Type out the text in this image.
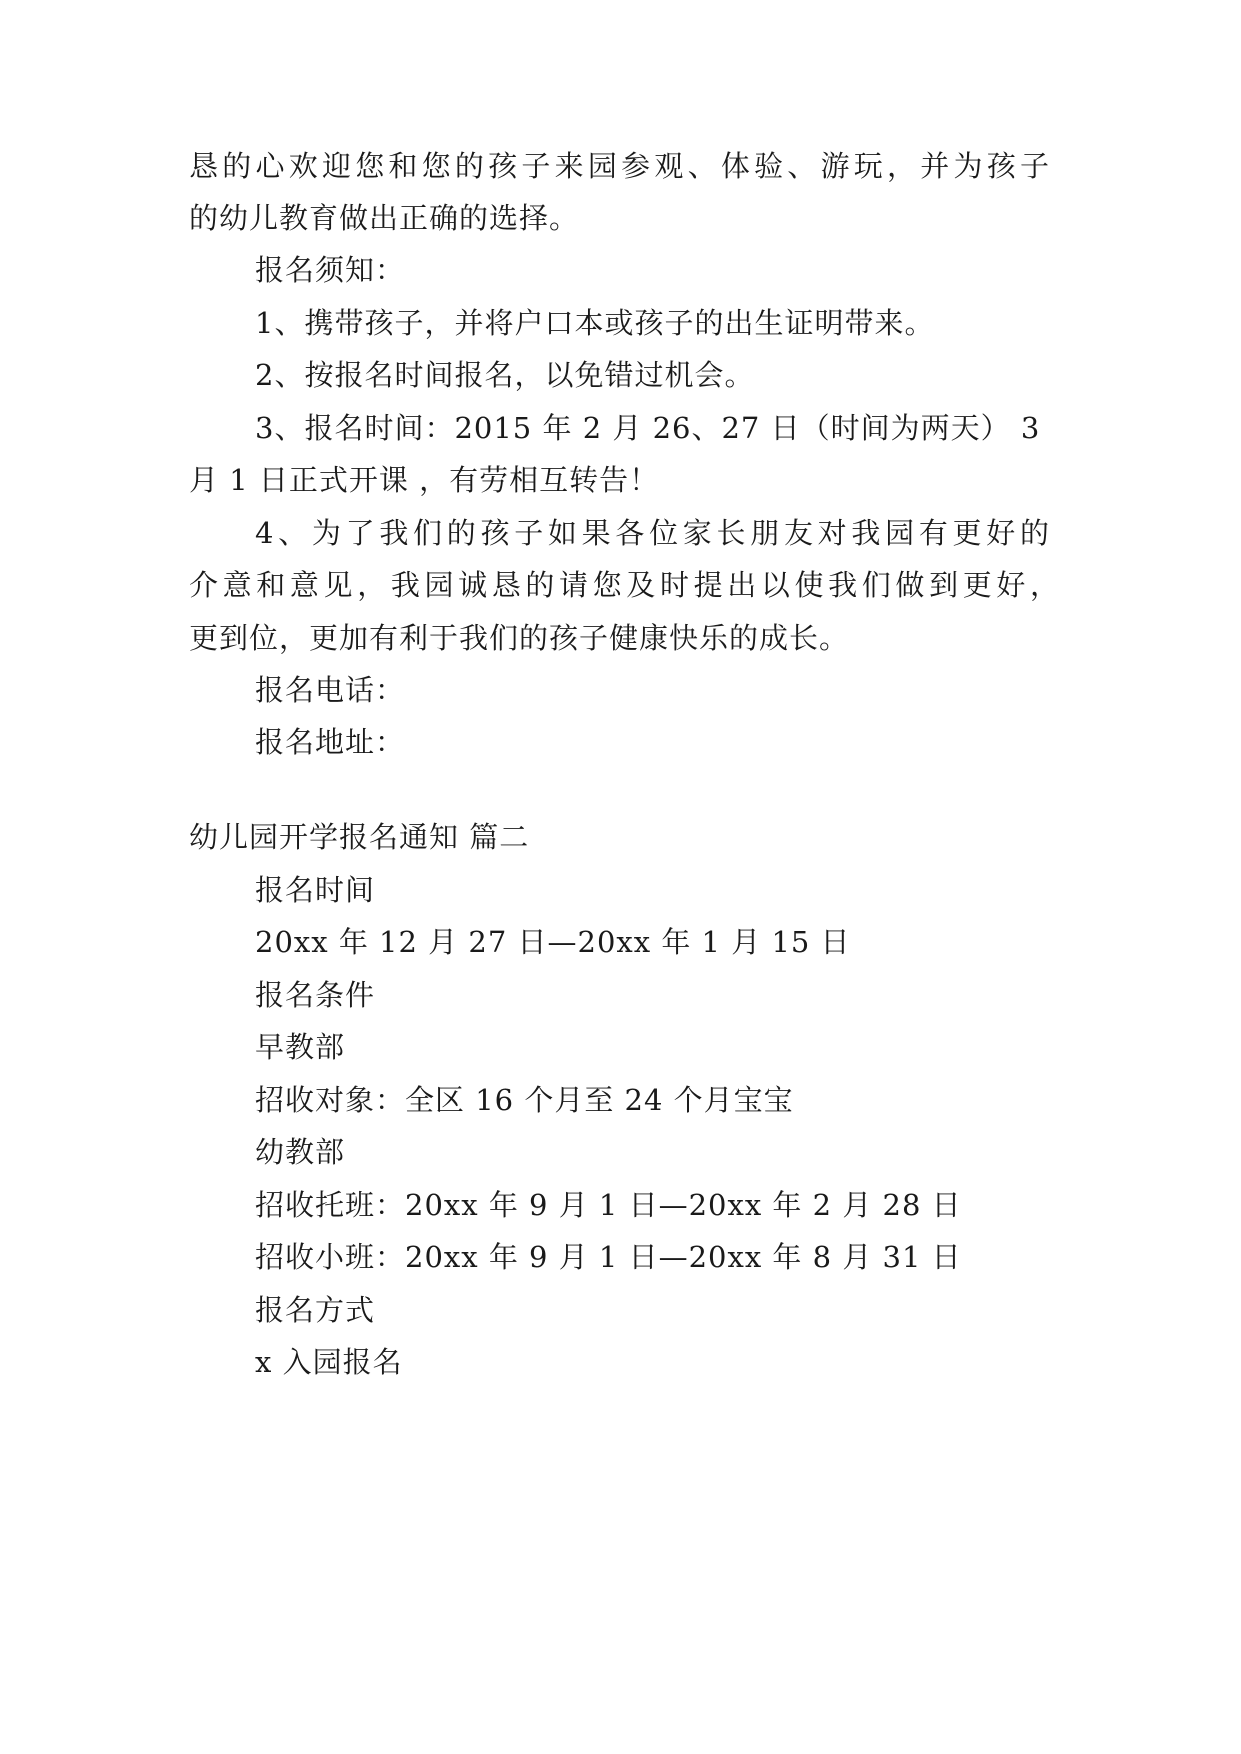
恳的心欢迎您和您的孩子来园参观、体验、游玩，并为孩子
的幼儿教育做出正确的选择。
报名须知：
1、携带孩子，并将户口本或孩子的出生证明带来。
2、按报名时间报名，以免错过机会。
3、报名时间：2015 年 2 月 26、27 日（时间为两天） 3
月 1 日正式开课 ，有劳相互转告！
4、为了我们的孩子如果各位家长朋友对我园有更好的
介意和意见，我园诚恳的请您及时提出以使我们做到更好，
更到位，更加有利于我们的孩子健康快乐的成长。
报名电话：
报名地址：
幼儿园开学报名通知 篇二
报名时间
20xx 年 12 月 27 日—20xx 年 1 月 15 日
报名条件
早教部
招收对象：全区 16 个月至 24 个月宝宝
幼教部
招收托班：20xx 年 9 月 1 日—20xx 年 2 月 28 日
招收小班：20xx 年 9 月 1 日—20xx 年 8 月 31 日
报名方式
x 入园报名
